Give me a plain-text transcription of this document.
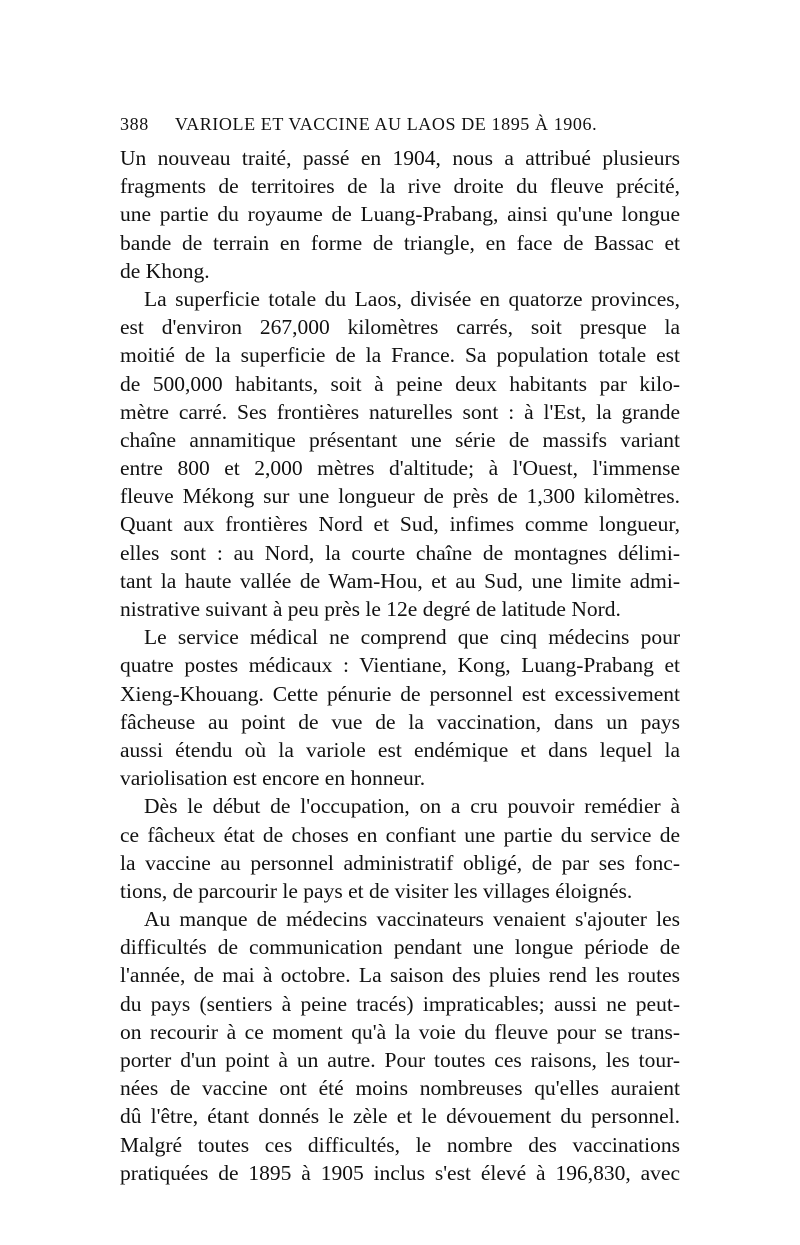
388 VARIOLE ET VACCINE AU LAOS DE 1895 À 1906.
Un nouveau traité, passé en 1904, nous a attribué plusieurs
fragments de territoires de la rive droite du fleuve précité,
une partie du royaume de Luang-Prabang, ainsi qu'une longue
bande de terrain en forme de triangle, en face de Bassac et
de Khong.
La superficie totale du Laos, divisée en quatorze provinces,
est d'environ 267,000 kilomètres carrés, soit presque la
moitié de la superficie de la France. Sa population totale est
de 500,000 habitants, soit à peine deux habitants par kilo-
mètre carré. Ses frontières naturelles sont : à l'Est, la grande
chaîne annamitique présentant une série de massifs variant
entre 800 et 2,000 mètres d'altitude; à l'Ouest, l'immense
fleuve Mékong sur une longueur de près de 1,300 kilomètres.
Quant aux frontières Nord et Sud, infimes comme longueur,
elles sont : au Nord, la courte chaîne de montagnes délimi-
tant la haute vallée de Wam-Hou, et au Sud, une limite admi-
nistrative suivant à peu près le 12e degré de latitude Nord.
Le service médical ne comprend que cinq médecins pour
quatre postes médicaux : Vientiane, Kong, Luang-Prabang et
Xieng-Khouang. Cette pénurie de personnel est excessivement
fâcheuse au point de vue de la vaccination, dans un pays
aussi étendu où la variole est endémique et dans lequel la
variolisation est encore en honneur.
Dès le début de l'occupation, on a cru pouvoir remédier à
ce fâcheux état de choses en confiant une partie du service de
la vaccine au personnel administratif obligé, de par ses fonc-
tions, de parcourir le pays et de visiter les villages éloignés.
Au manque de médecins vaccinateurs venaient s'ajouter les
difficultés de communication pendant une longue période de
l'année, de mai à octobre. La saison des pluies rend les routes
du pays (sentiers à peine tracés) impraticables; aussi ne peut-
on recourir à ce moment qu'à la voie du fleuve pour se trans-
porter d'un point à un autre. Pour toutes ces raisons, les tour-
nées de vaccine ont été moins nombreuses qu'elles auraient
dû l'être, étant donnés le zèle et le dévouement du personnel.
Malgré toutes ces difficultés, le nombre des vaccinations
pratiquées de 1895 à 1905 inclus s'est élevé à 196,830, avec
